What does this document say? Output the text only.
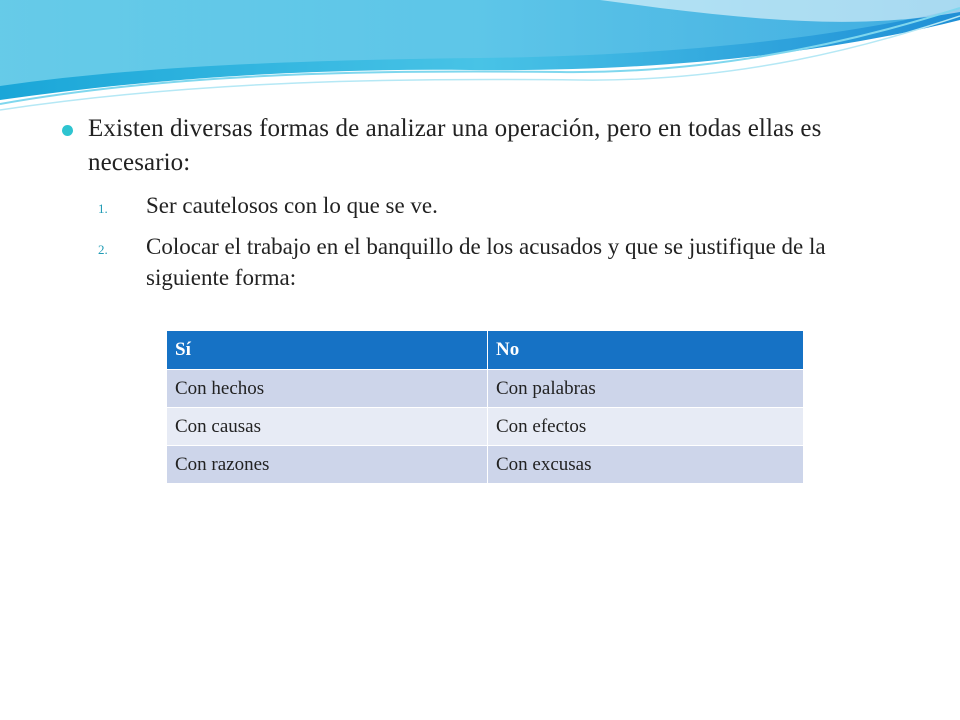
Existen diversas formas de analizar una operación, pero en todas ellas es necesario:
1.	Ser cautelosos con lo que se ve.
2.	Colocar el trabajo en el banquillo de los acusados y que se justifique de la siguiente forma:
Sí	No
Con hechos	Con palabras
Con causas	Con efectos
Con razones	Con excusas
